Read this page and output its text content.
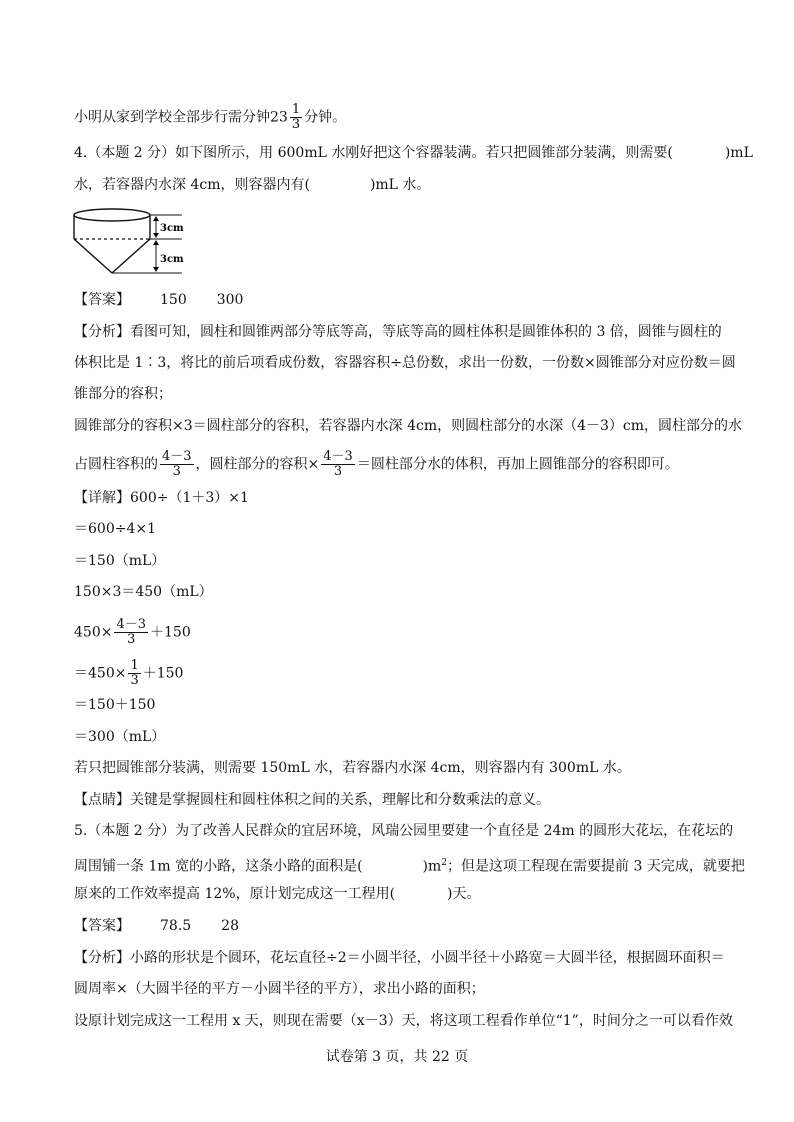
小明从家到学校全部步行需分钟$23 \frac{1}{3}$ 分钟。
4.（本题 2 分）如下图所示，用 600mL 水刚好把这个容器装满。若只把圆锥部分装满，则需要(	)mL
水，若容器内水深 4cm，则容器内有(	)mL 水。
3cm
3cm
【答案】 150 300
【分析】看图可知，圆柱和圆锥两部分等底等高，等底等高的圆柱体积是圆锥体积的 3 倍，圆锥与圆柱的
体积比是 1∶3，将比的前后项看成份数，容器容积÷总份数，求出一份数，一份数×圆锥部分对应份数＝圆
锥部分的容积；
圆锥部分的容积×3＝圆柱部分的容积，若容器内水深 4cm，则圆柱部分的水深（4－3）cm，圆柱部分的水
占圆柱容积的 $\frac{4-3}{3}$ ，圆柱部分的容积× $\frac{4-3}{3}$ ＝圆柱部分水的体积，再加上圆锥部分的容积即可。
【详解】600÷（1＋3）×1
＝600÷4×1
＝150（mL）
150×3＝450（mL）
$450\times \frac{4-3}{3} +150$
$=450\times \frac{1}{3} +150$
＝150＋150
＝300（mL）
若只把圆锥部分装满，则需要 150mL 水，若容器内水深 4cm，则容器内有 300mL 水。
【点睛】关键是掌握圆柱和圆柱体积之间的关系，理解比和分数乘法的意义。
5.（本题 2 分）为了改善人民群众的宜居环境，风瑞公园里要建一个直径是 24m 的圆形大花坛，在花坛的
周围铺一条 1m 宽的小路，这条小路的面积是(	)$m^2$；但是这项工程现在需要提前 3 天完成，就要把
原来的工作效率提高 12%，原计划完成这一工程用(	)天。
【答案】 78.5 28
【分析】小路的形状是个圆环，花坛直径÷2＝小圆半径，小圆半径＋小路宽＝大圆半径，根据圆环面积＝
圆周率×（大圆半径的平方－小圆半径的平方），求出小路的面积；
设原计划完成这一工程用 x 天，则现在需要（x－3）天，将这项工程看作单位“1”，时间分之一可以看作效
试卷第 3 页，共 22 页
